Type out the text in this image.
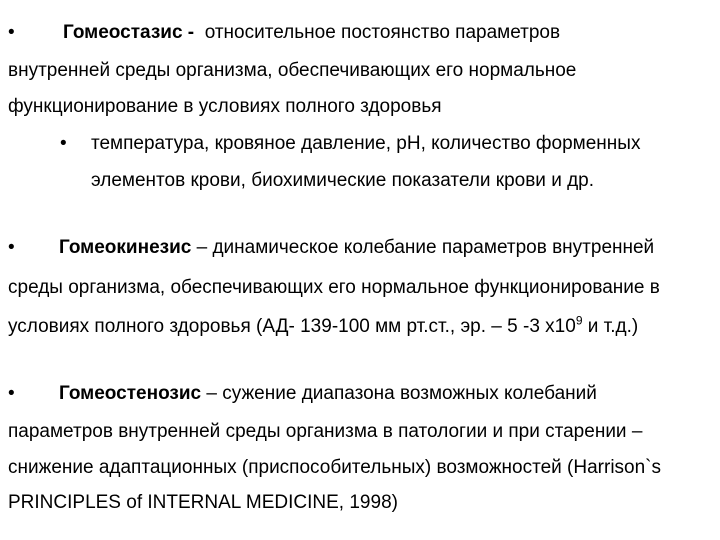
•	Гомеостазис - относительное постоянство параметров
внутренней среды организма, обеспечивающих его нормальное
функционирование в условиях полного здоровья
• температура, кровяное давление, рН, количество форменных
элементов крови, биохимические показатели крови и др.
• Гомеокинезис – динамическое колебание параметров внутренней
среды организма, обеспечивающих его нормальное функционирование в
условиях полного здоровья (АД- 139-100 мм рт.ст., эр. – 5 -3 $х10^9$ и т.д.)
• Гомеостенозис – сужение диапазона возможных колебаний
параметров внутренней среды организма в патологии и при старении –
снижение адаптационных (приспособительных) возможностей (Harrison`s
PRINCIPLES of INTERNAL MEDICINE, 1998)
